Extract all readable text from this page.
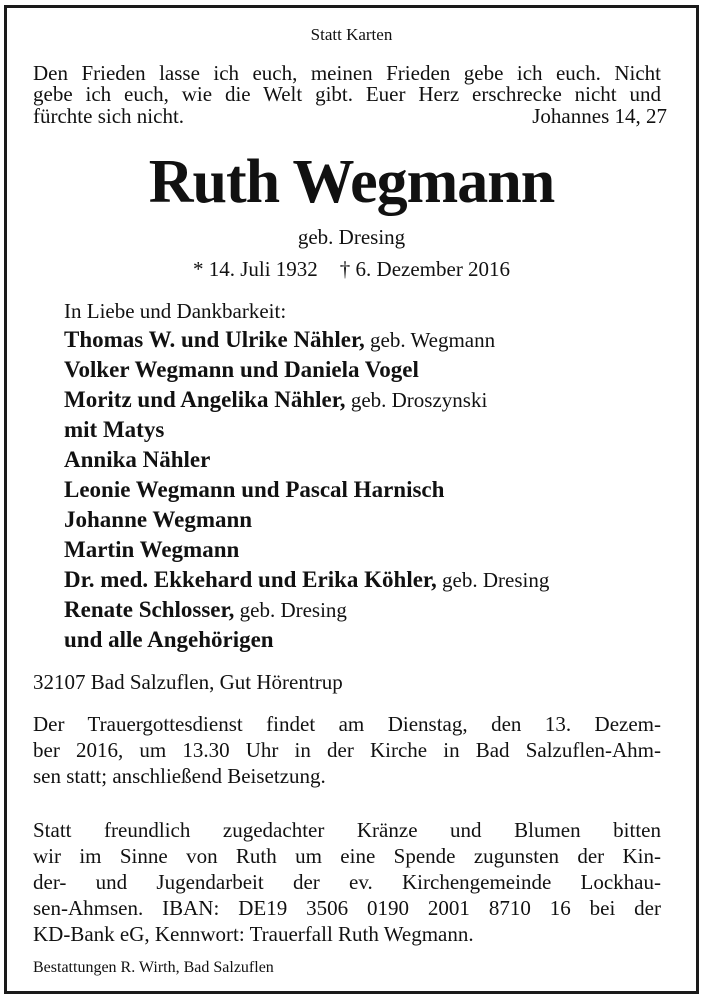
Statt Karten
Den Frieden lasse ich euch, meinen Frieden gebe ich euch. Nicht
gebe ich euch, wie die Welt gibt. Euer Herz erschrecke nicht und
fürchte sich nicht.	Johannes 14, 27
Ruth Wegmann
geb. Dresing
* 14. Juli 1932 † 6. Dezember 2016
In Liebe und Dankbarkeit:
Thomas W. und Ulrike Nähler, geb. Wegmann
Volker Wegmann und Daniela Vogel
Moritz und Angelika Nähler, geb. Droszynski
mit Matys
Annika Nähler
Leonie Wegmann und Pascal Harnisch
Johanne Wegmann
Martin Wegmann
Dr. med. Ekkehard und Erika Köhler, geb. Dresing
Renate Schlosser, geb. Dresing
und alle Angehörigen
32107 Bad Salzuflen, Gut Hörentrup
Der Trauergottesdienst findet am Dienstag, den 13. Dezem-
ber 2016, um 13.30 Uhr in der Kirche in Bad Salzuflen-Ahm-
sen statt; anschließend Beisetzung.
Statt freundlich zugedachter Kränze und Blumen bitten
wir im Sinne von Ruth um eine Spende zugunsten der Kin-
der- und Jugendarbeit der ev. Kirchengemeinde Lockhau-
sen-Ahmsen. IBAN: DE19 3506 0190 2001 8710 16 bei der
KD-Bank eG, Kennwort: Trauerfall Ruth Wegmann.
Bestattungen R. Wirth, Bad Salzuflen
